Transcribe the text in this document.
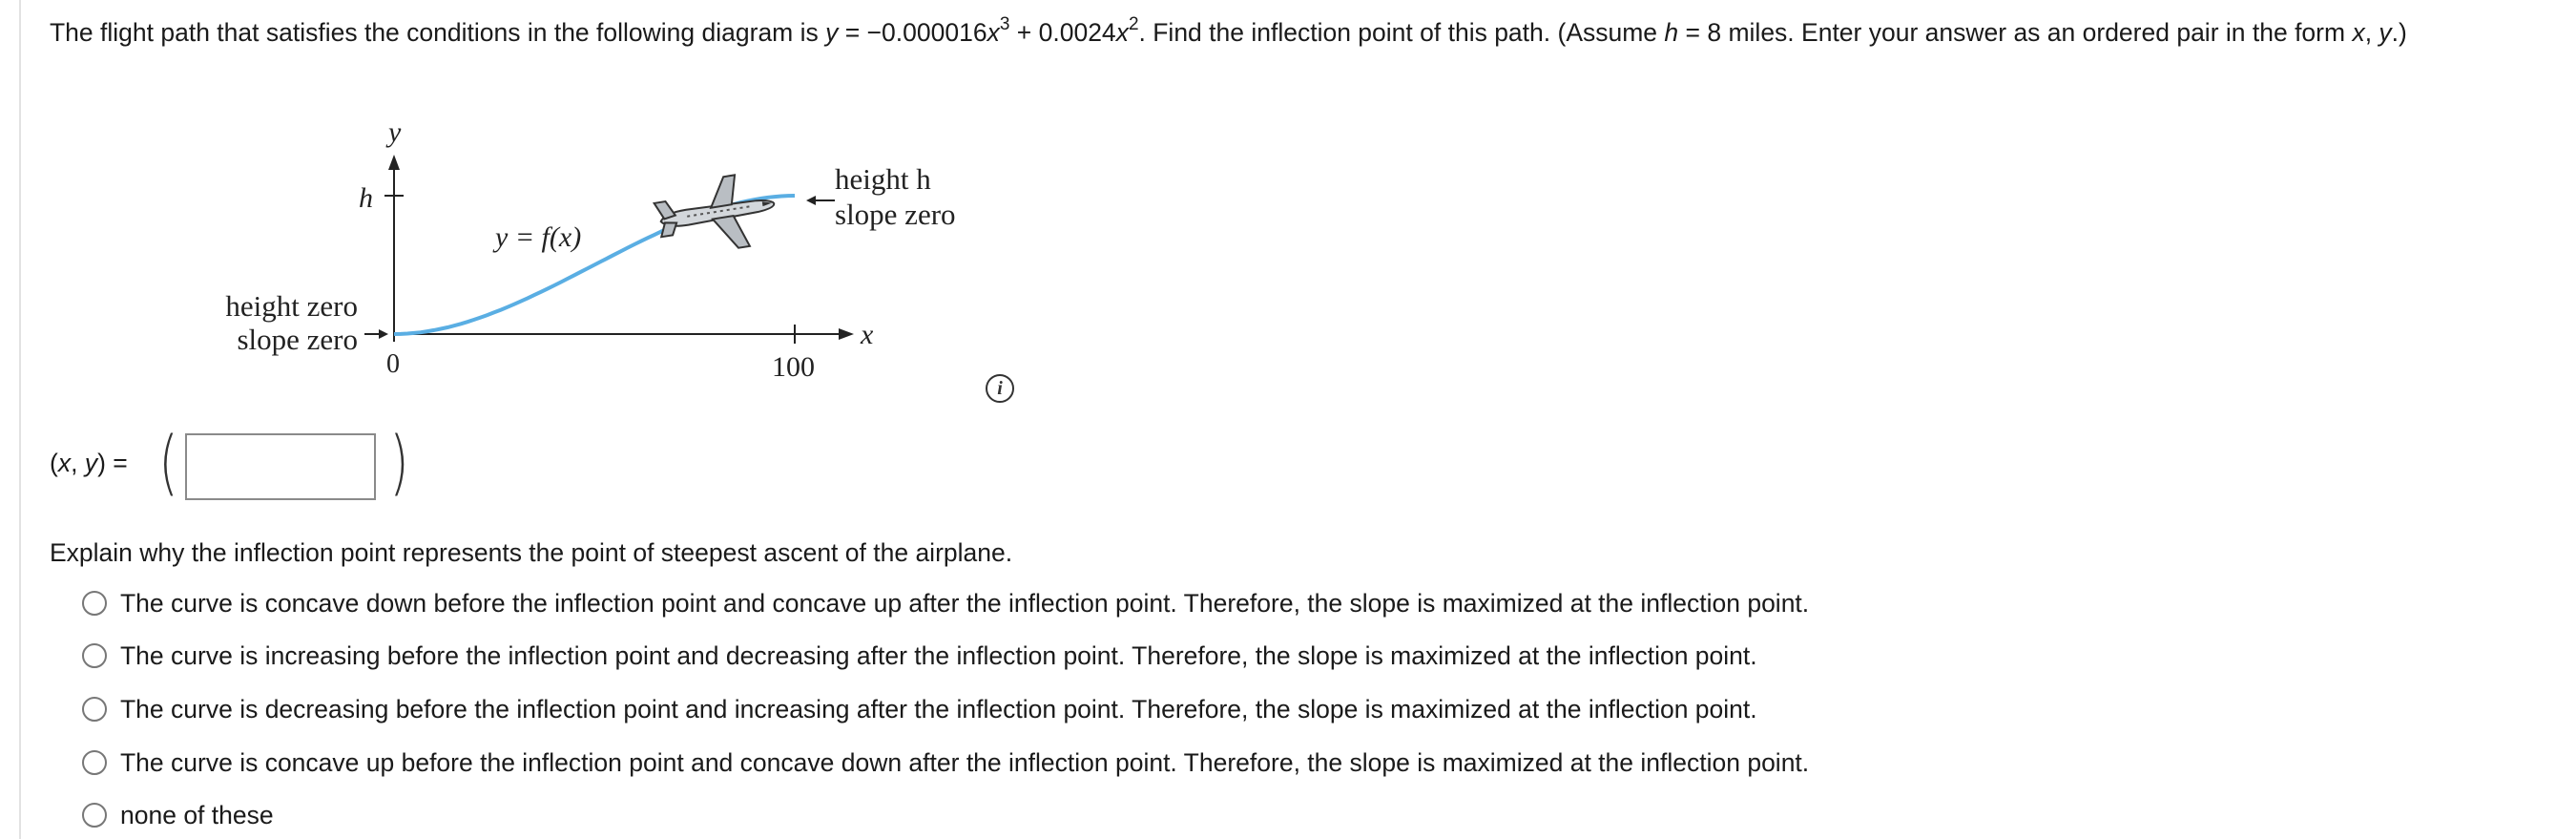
The flight path that satisfies the conditions in the following diagram is $y = -0.000016x^3 + 0.0024x^2$. Find the inflection point of this path. (Assume h = 8 miles. Enter your answer as an ordered pair in the form x, y.)
y
h
x
0	100
y = f(x)
height zero
slope zero
height h
slope zero
i
(x, y) = (	)
Explain why the inflection point represents the point of steepest ascent of the airplane.
The curve is concave down before the inflection point and concave up after the inflection point. Therefore, the slope is maximized at the inflection point.
The curve is increasing before the inflection point and decreasing after the inflection point. Therefore, the slope is maximized at the inflection point.
The curve is decreasing before the inflection point and increasing after the inflection point. Therefore, the slope is maximized at the inflection point.
The curve is concave up before the inflection point and concave down after the inflection point. Therefore, the slope is maximized at the inflection point.
none of these
